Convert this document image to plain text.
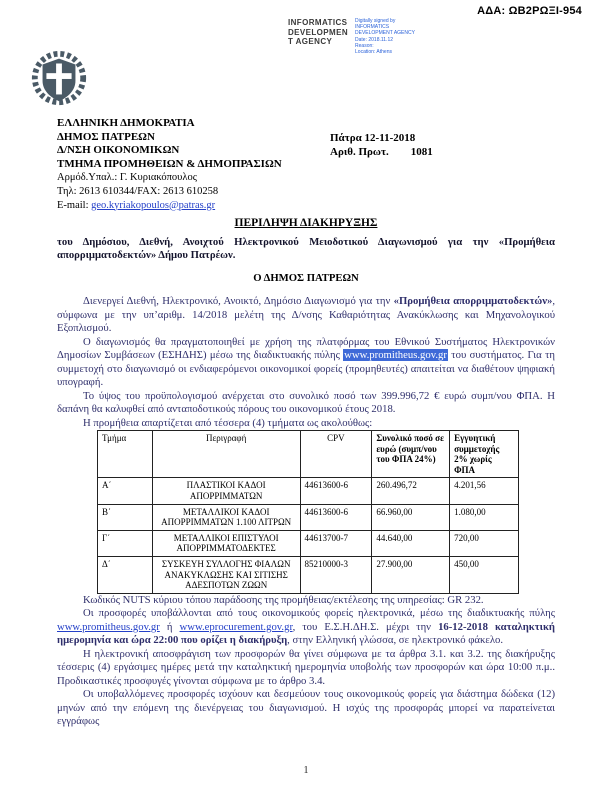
ΑΔΑ: ΩΒ2ΡΩΞΙ-954
INFORMATICS
DEVELOPMEN
T AGENCY
Digitally signed by
INFORMATICS
DEVELOPMENT AGENCY
Date: 2018.11.12
Reason:
Location: Athens
ΕΛΛΗΝΙΚΗ ΔΗΜΟΚΡΑΤΙΑ
ΔΗΜΟΣ ΠΑΤΡΕΩΝ
Δ/ΝΣΗ ΟΙΚΟΝΟΜΙΚΩΝ
ΤΜΗΜΑ ΠΡΟΜΗΘΕΙΩΝ & ΔΗΜΟΠΡΑΣΙΩΝ
Αρμόδ.Υπαλ.: Γ. Κυριακόπουλος
Τηλ: 2613 610344/FAX: 2613 610258
E-mail: geo.kyriakopoulos@patras.gr
Πάτρα 12-11-2018
Αριθ. Πρωτ. 1081
ΠΕΡΙΛΗΨΗ ΔΙΑΚΗΡΥΞΗΣ

του Δημόσιου, Διεθνή, Ανοιχτού Ηλεκτρονικού Μειοδοτικού Διαγωνισμού για την «Προμήθεια απορριμματοδεκτών» Δήμου Πατρέων.

Ο ΔΗΜΟΣ ΠΑΤΡΕΩΝ

Διενεργεί Διεθνή, Ηλεκτρονικό, Ανοικτό, Δημόσιο Διαγωνισμό για την «Προμήθεια απορριμματοδεκτών», σύμφωνα με την υπ’αριθμ. 14/2018 μελέτη της Δ/νσης Καθαριότητας Ανακύκλωσης και Μηχανολογικού Εξοπλισμού.

Ο διαγωνισμός θα πραγματοποιηθεί με χρήση της πλατφόρμας του Εθνικού Συστήματος Ηλεκτρονικών Δημοσίων Συμβάσεων (ΕΣΗΔΗΣ) μέσω της διαδικτυακής πύλης www.promitheus.gov.gr του συστήματος. Για τη συμμετοχή στο διαγωνισμό οι ενδιαφερόμενοι οικονομικοί φορείς (προμηθευτές) απαιτείται να διαθέτουν ψηφιακή υπογραφή.

Το ύψος του προϋπολογισμού ανέρχεται στο συνολικό ποσό των 399.996,72 € ευρώ συμπ/νου ΦΠΑ. Η δαπάνη θα καλυφθεί από ανταποδοτικούς πόρους του οικονομικού έτους 2018.

Η προμήθεια απαρτίζεται από τέσσερα (4) τμήματα ως ακολούθως:

Τμήμα	Περιγραφή	CPV	Συνολικό ποσό σε ευρώ (συμπ/νου του ΦΠΑ 24%)	Εγγυητική συμμετοχής 2% χωρίς ΦΠΑ
Α΄	ΠΛΑΣΤΙΚΟΙ ΚΑΔΟΙ ΑΠΟΡΡΙΜΜΑΤΩΝ	44613600-6	260.496,72	4.201,56
Β΄	ΜΕΤΑΛΛΙΚΟΙ ΚΑΔΟΙ ΑΠΟΡΡΙΜΜΑΤΩΝ 1.100 ΛΙΤΡΩΝ	44613600-6	66.960,00	1.080,00
Γ΄	ΜΕΤΑΛΛΙΚΟΙ ΕΠΙΣΤΥΛΟΙ ΑΠΟΡΡΙΜΜΑΤΟΔΕΚΤΕΣ	44613700-7	44.640,00	720,00
Δ΄	ΣΥΣΚΕΥΗ ΣΥΛΛΟΓΗΣ ΦΙΑΛΩΝ ΑΝΑΚΥΚΛΩΣΗΣ ΚΑΙ ΣΙΤΙΣΗΣ ΑΔΕΣΠΟΤΩΝ ΖΩΩΝ	85210000-3	27.900,00	450,00

Κωδικός NUTS κύριου τόπου παράδοσης της προμήθειας/εκτέλεσης της υπηρεσίας: GR 232.

Οι προσφορές υποβάλλονται από τους οικονομικούς φορείς ηλεκτρονικά, μέσω της διαδικτυακής πύλης www.promitheus.gov.gr ή www.eprocurement.gov.gr, του Ε.Σ.Η.ΔΗ.Σ. μέχρι την 16-12-2018 καταληκτική ημερομηνία και ώρα 22:00 που ορίζει η διακήρυξη, στην Ελληνική γλώσσα, σε ηλεκτρονικό φάκελο.

Η ηλεκτρονική αποσφράγιση των προσφορών θα γίνει σύμφωνα με τα άρθρα 3.1. και 3.2. της διακήρυξης τέσσερις (4) εργάσιμες ημέρες μετά την καταληκτική ημερομηνία υποβολής των προσφορών και ώρα 10:00 π.μ.. Προδικαστικές προσφυγές γίνονται σύμφωνα με το άρθρο 3.4.

Οι υποβαλλόμενες προσφορές ισχύουν και δεσμεύουν τους οικονομικούς φορείς για διάστημα δώδεκα (12) μηνών από την επόμενη της διενέργειας του διαγωνισμού. Η ισχύς της προσφοράς μπορεί να παρατείνεται εγγράφως

1
